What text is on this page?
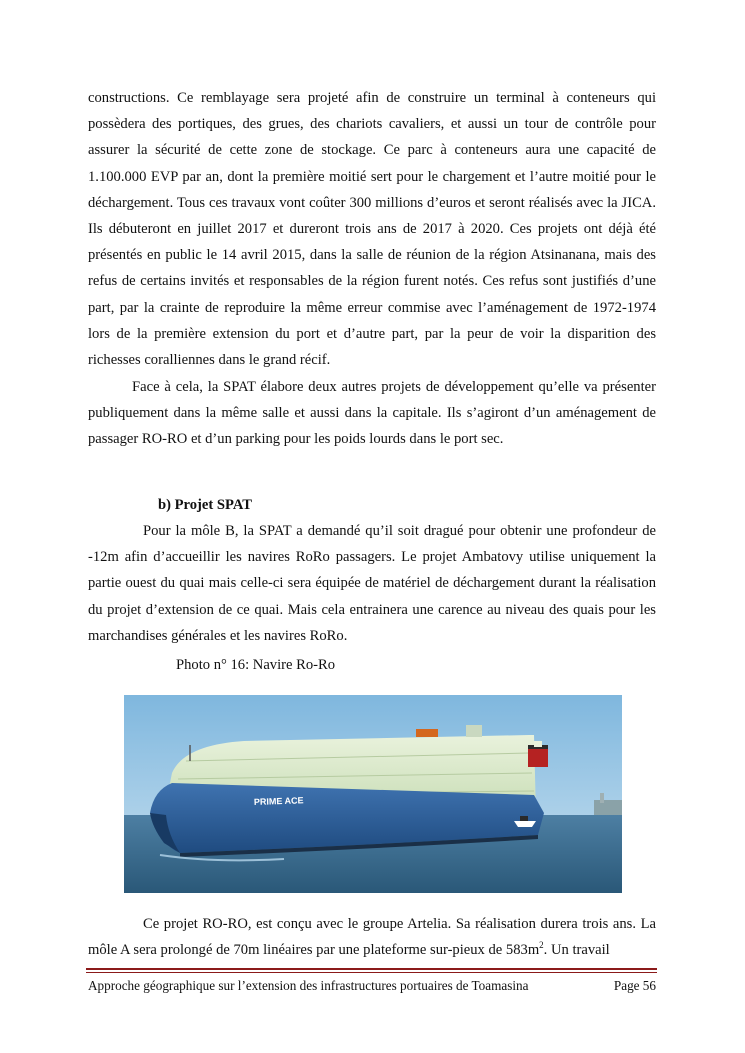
constructions. Ce remblayage sera projeté afin de construire un terminal à conteneurs qui possèdera des portiques, des grues, des chariots cavaliers, et aussi un tour de contrôle pour assurer la sécurité de cette zone de stockage. Ce parc à conteneurs aura une capacité de 1.100.000 EVP par an, dont la première moitié sert pour le chargement et l’autre moitié pour le déchargement. Tous ces travaux vont coûter 300 millions d’euros et seront réalisés avec la JICA. Ils débuteront en juillet 2017 et dureront trois ans de 2017 à 2020. Ces projets ont déjà été présentés en public le 14 avril 2015, dans la salle de réunion de la région Atsinanana, mais des refus de certains invités et responsables de la région furent notés. Ces refus sont justifiés d’une part, par la crainte de reproduire la même erreur commise avec l’aménagement de 1972-1974 lors de la première extension du port et d’autre part, par la peur de voir la disparition des richesses coralliennes dans le grand récif.

Face à cela, la SPAT élabore deux autres projets de développement qu’elle va présenter publiquement dans la même salle et aussi dans la capitale. Ils s’agiront d’un aménagement de passager RO-RO et d’un parking pour les poids lourds dans le port sec.

b) Projet SPAT

Pour la môle B, la SPAT a demandé qu’il soit dragué pour obtenir une profondeur de -12m afin d’accueillir les navires RoRo passagers. Le projet Ambatovy utilise uniquement la partie ouest du quai mais celle-ci sera équipée de matériel de déchargement durant la réalisation du projet d’extension de ce quai. Mais cela entrainera une carence au niveau des quais pour les marchandises générales et les navires RoRo.

Photo n° 16: Navire Ro-Ro
PRIME ACE

Ce projet RO-RO, est conçu avec le groupe Artelia. Sa réalisation durera trois ans. La môle A sera prolongé de 70m linéaires par une plateforme sur-pieux de $583m^2$. Un travail

Approche géographique sur l’extension des infrastructures portuaires de Toamasina	Page 56
